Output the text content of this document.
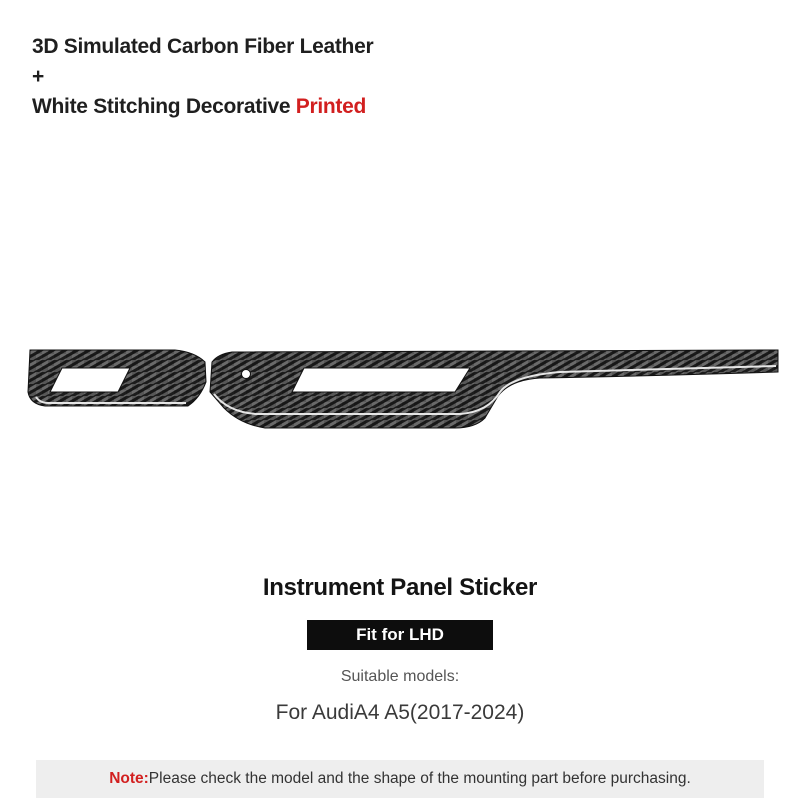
3D Simulated Carbon Fiber Leather
+
White Stitching Decorative Printed
Instrument Panel Sticker
Fit for LHD
Suitable models:
For AudiA4 A5(2017-2024)
Note:Please check the model and the shape of the mounting part before purchasing.
